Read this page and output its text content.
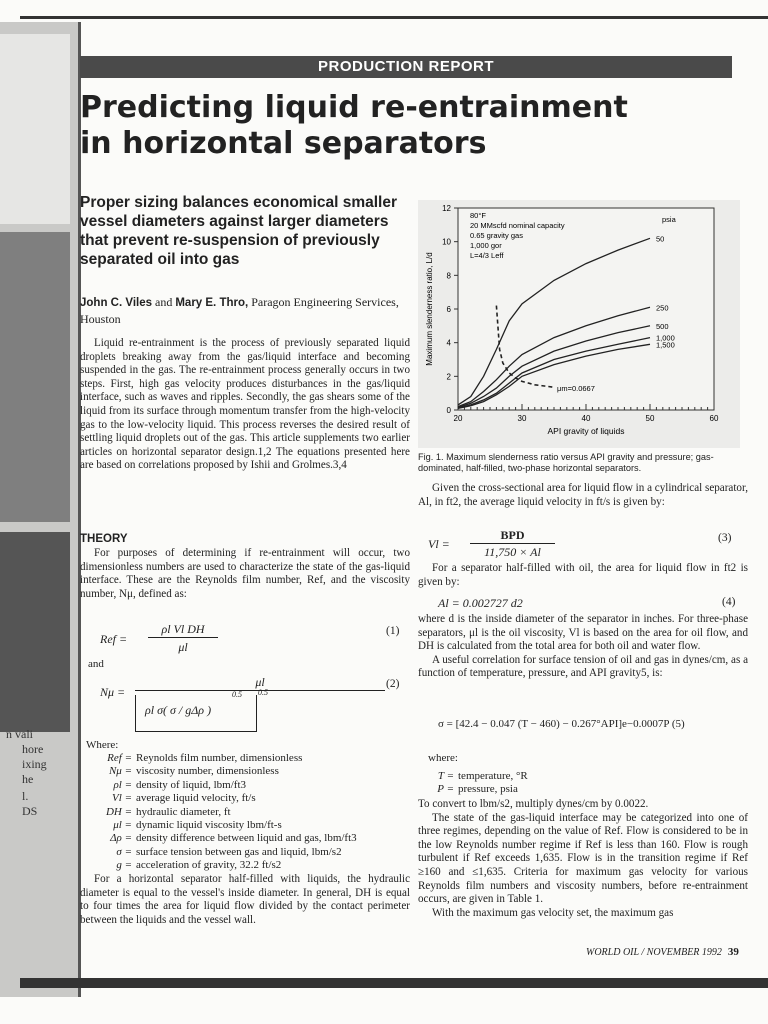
n vali
hore
ixing
he
l.
DS
PRODUCTION REPORT
Predicting liquid re-entrainment
in horizontal separators
Proper sizing balances economical smaller vessel diameters against larger diameters that prevent re-suspension of previously separated oil into gas
John C. Viles and Mary E. Thro, Paragon Engineering Services, Houston

Liquid re-entrainment is the process of previously separated liquid droplets breaking away from the gas/liquid interface and becoming suspended in the gas. The re-entrainment process generally occurs in two steps. First, high gas velocity produces disturbances in the gas/liquid interface, such as waves and ripples. Secondly, the gas shears some of the liquid from its surface through momentum transfer from the high-velocity gas to the low-velocity liquid. This process reverses the desired result of settling liquid droplets out of the gas. This article supplements two earlier articles on horizontal separator design.1,2 The equations presented here are based on correlations proposed by Ishii and Grolmes.3,4

THEORY

For purposes of determining if re-entrainment will occur, two dimensionless numbers are used to characterize the state of the gas-liquid interface. These are the Reynolds film number, Ref, and the viscosity number, Nμ, defined as:

Ref =
ρl Vl DH
μl
(1)
and
Nμ =
μl
ρl σ( σ / gΔρ )
0.5 0.5
(2)
Where:
Ref = Reynolds film number, dimensionless
Nμ = viscosity number, dimensionless
ρl = density of liquid, lbm/ft3
Vl = average liquid velocity, ft/s
DH = hydraulic diameter, ft
μl = dynamic liquid viscosity lbm/ft-s
Δρ = density difference between liquid and gas, lbm/ft3
σ = surface tension between gas and liquid, lbm/s2
g = acceleration of gravity, 32.2 ft/s2

For a horizontal separator half-filled with liquids, the hydraulic diameter is equal to the vessel's inside diameter. In general, DH is equal to four times the area for liquid flow divided by the contact perimeter between the liquids and the vessel wall.

0
2
4
6
8
10
12
20	30	40	50	60
API gravity of liquids
Maximum slenderness ratio, L/d
80°F
20 MMscfd nominal capacity
0.65 gravity gas
1,000 gor
L=4/3 Leff
psia
50
250
500
1,000
1,500
μm=0.0667
Fig. 1. Maximum slenderness ratio versus API gravity and pressure; gas-dominated, half-filled, two-phase horizontal separators.

Given the cross-sectional area for liquid flow in a cylindrical separator, Al, in ft2, the average liquid velocity in ft/s is given by:

Vl =
BPD
11,750 × Al
(3)

For a separator half-filled with oil, the area for liquid flow in ft2 is given by:

Al = 0.002727 d2	(4)

where d is the inside diameter of the separator in inches. For three-phase separators, μl is the oil viscosity, Vl is based on the area for oil flow, and DH is calculated from the total area for both oil and water flow.

A useful correlation for surface tension of oil and gas in dynes/cm, as a function of temperature, pressure, and API gravity5, is:

σ = [42.4 − 0.047 (T − 460) − 0.267°API]e−0.0007P (5)
where:
T = temperature, °R
P = pressure, psia

To convert to lbm/s2, multiply dynes/cm by 0.0022.

The state of the gas-liquid interface may be categorized into one of three regimes, depending on the value of Ref. Flow is considered to be in the low Reynolds number regime if Ref is less than 160. Flow is rough turbulent if Ref exceeds 1,635. Flow is in the transition regime if Ref ≥160 and ≤1,635. Criteria for maximum gas velocity for various Reynolds film numbers and viscosity numbers, before re-entrainment occurs, are given in Table 1.

With the maximum gas velocity set, the maximum gas

WORLD OIL / NOVEMBER 1992 39
